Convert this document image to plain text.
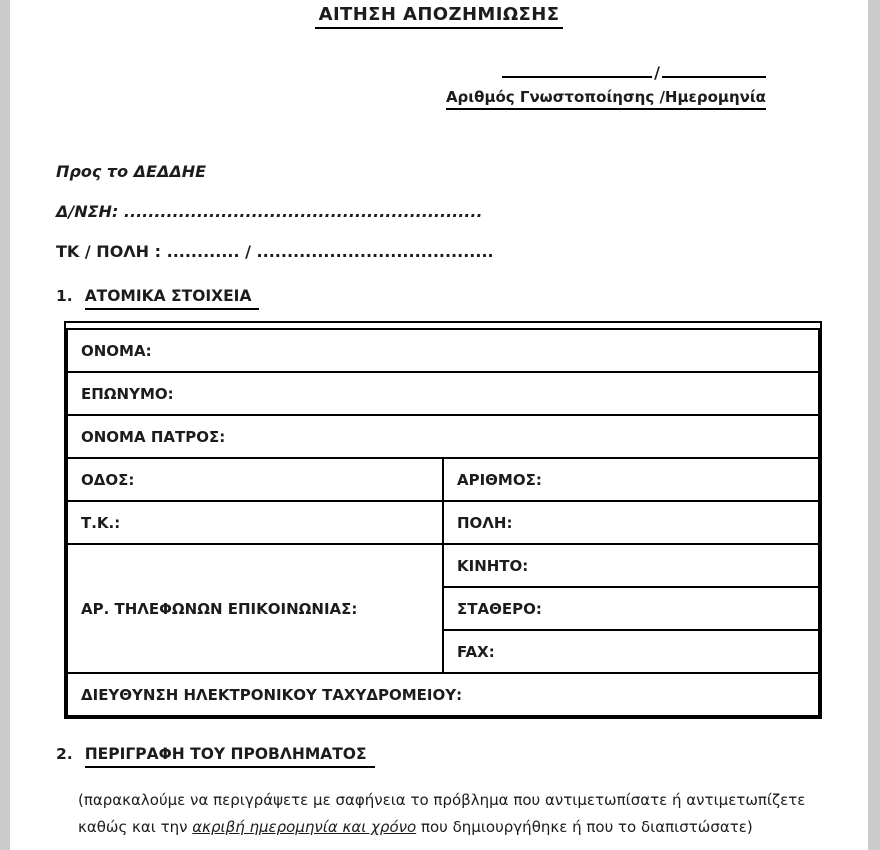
ΑΙΤΗΣΗ ΑΠΟΖΗΜΙΩΣΗΣ
/
Αριθμός Γνωστοποίησης /Ημερομηνία
Προς το ΔΕΔΔΗΕ
Δ/ΝΣΗ: ...........................................................
ΤΚ / ΠΟΛΗ : ............ / .......................................
1. ΑΤΟΜΙΚΑ ΣΤΟΙΧΕΙΑ
ΟΝΟΜΑ:	
ΕΠΩΝΥΜΟ:	
ΟΝΟΜΑ ΠΑΤΡΟΣ:	
ΟΔΟΣ:	ΑΡΙΘΜΟΣ:
Τ.Κ.:	ΠΟΛΗ:
ΑΡ. ΤΗΛΕΦΩΝΩΝ ΕΠΙΚΟΙΝΩΝΙΑΣ:	ΚΙΝΗΤΟ:
	ΣΤΑΘΕΡΟ:
	FAX:
ΔΙΕΥΘΥΝΣΗ ΗΛΕΚΤΡΟΝΙΚΟΥ ΤΑΧΥΔΡΟΜΕΙΟΥ:	
2. ΠΕΡΙΓΡΑΦΗ ΤΟΥ ΠΡΟΒΛΗΜΑΤΟΣ
(παρακαλούμε να περιγράψετε με σαφήνεια το πρόβλημα που αντιμετωπίσατε ή αντιμετωπίζετε καθώς και την ακριβή ημερομηνία και χρόνο που δημιουργήθηκε ή που το διαπιστώσατε)
